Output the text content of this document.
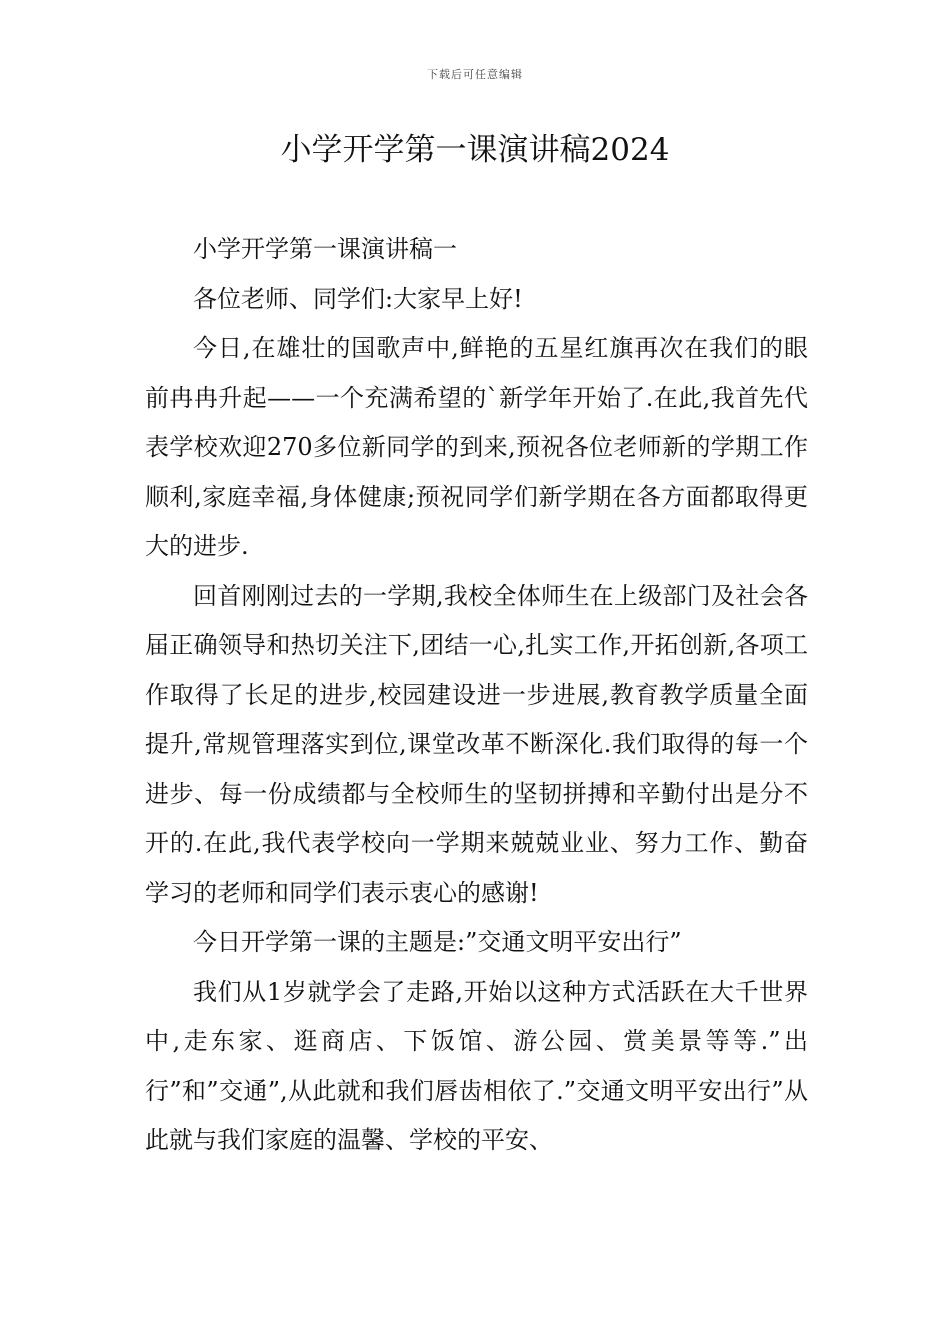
下载后可任意编辑
小学开学第一课演讲稿2024

小学开学第一课演讲稿一

各位老师、同学们:大家早上好!

今日,在雄壮的国歌声中,鲜艳的五星红旗再次在我们的眼前冉冉升起——一个充满希望的`新学年开始了.在此,我首先代表学校欢迎270多位新同学的到来,预祝各位老师新的学期工作顺利,家庭幸福,身体健康;预祝同学们新学期在各方面都取得更大的进步.

回首刚刚过去的一学期,我校全体师生在上级部门及社会各届正确领导和热切关注下,团结一心,扎实工作,开拓创新,各项工作取得了长足的进步,校园建设进一步进展,教育教学质量全面提升,常规管理落实到位,课堂改革不断深化.我们取得的每一个进步、每一份成绩都与全校师生的坚韧拼搏和辛勤付出是分不开的.在此,我代表学校向一学期来兢兢业业、努力工作、勤奋学习的老师和同学们表示衷心的感谢!

今日开学第一课的主题是:”交通文明平安出行”

我们从1岁就学会了走路,开始以这种方式活跃在大千世界中,走东家、逛商店、下饭馆、游公园、赏美景等等.”出行”和”交通”,从此就和我们唇齿相依了.”交通文明平安出行”从此就与我们家庭的温馨、学校的平安、
